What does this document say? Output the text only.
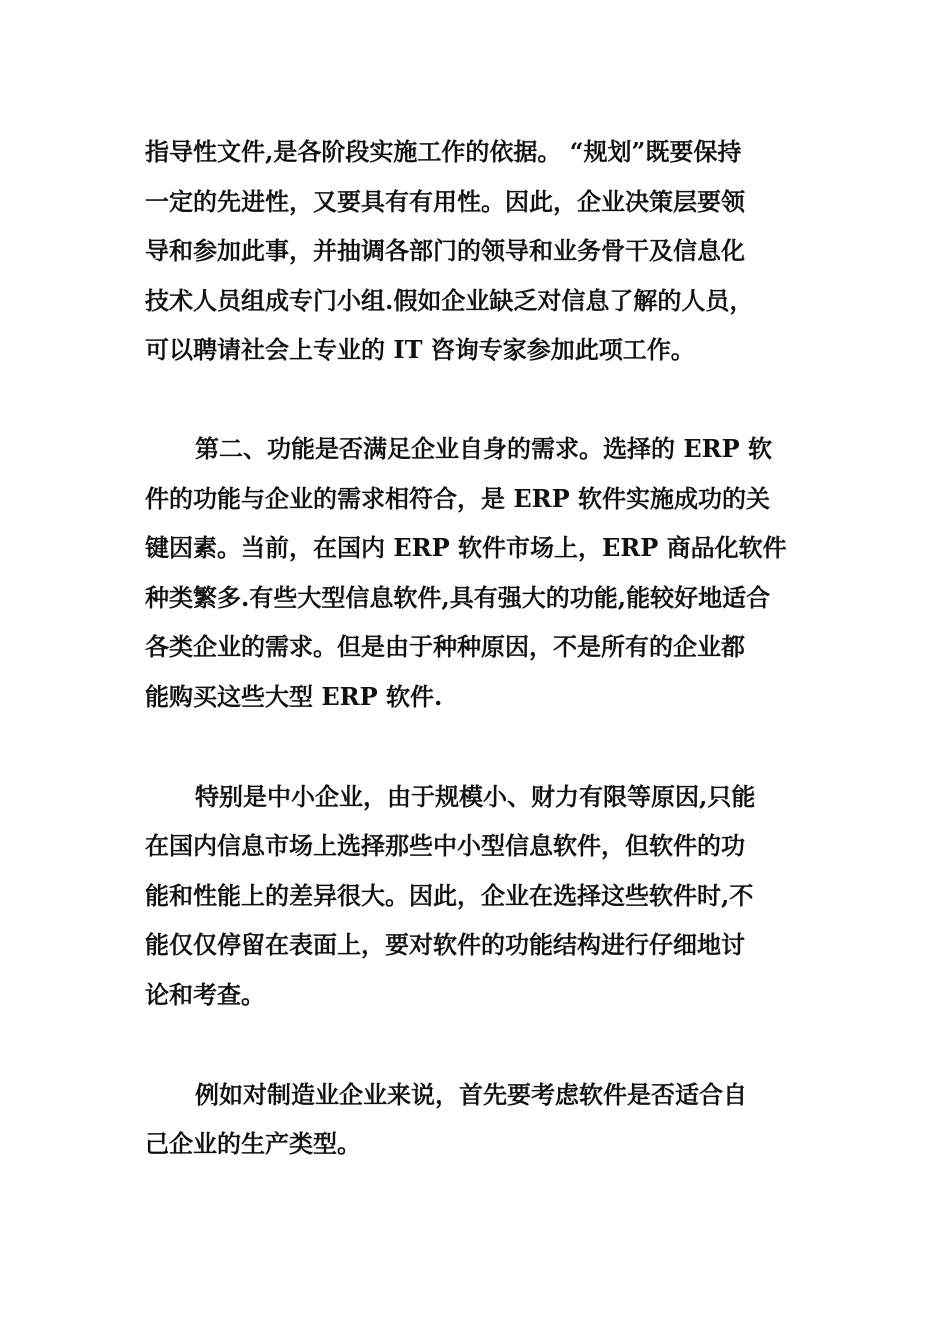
指导性文件,是各阶段实施工作的依据。 “规划”既要保持
一定的先进性，又要具有有用性。因此，企业决策层要领
导和参加此事，并抽调各部门的领导和业务骨干及信息化
技术人员组成专门小组.假如企业缺乏对信息了解的人员，
可以聘请社会上专业的 IT 咨询专家参加此项工作。
第二、功能是否满足企业自身的需求。选择的 ERP 软
件的功能与企业的需求相符合，是 ERP 软件实施成功的关
键因素。当前，在国内 ERP 软件市场上，ERP 商品化软件
种类繁多.有些大型信息软件,具有强大的功能,能较好地适合
各类企业的需求。但是由于种种原因，不是所有的企业都
能购买这些大型 ERP 软件.
特别是中小企业，由于规模小、财力有限等原因,只能
在国内信息市场上选择那些中小型信息软件，但软件的功
能和性能上的差异很大。因此，企业在选择这些软件时,不
能仅仅停留在表面上，要对软件的功能结构进行仔细地讨
论和考查。
例如对制造业企业来说，首先要考虑软件是否适合自
己企业的生产类型。
